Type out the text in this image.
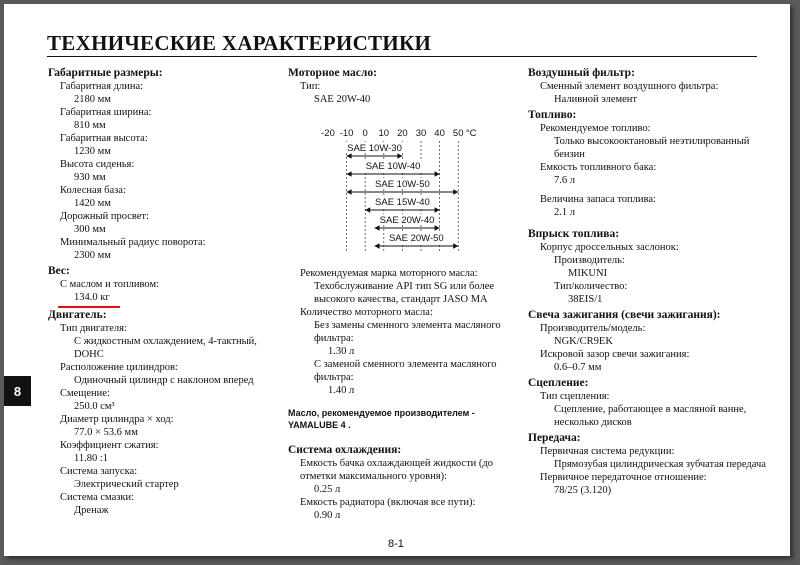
ТЕХНИЧЕСКИЕ ХАРАКТЕРИСТИКИ
Габаритные размеры:
Габаритная длина:
2180 мм
Габаритная ширина:
810 мм
Габаритная высота:
1230 мм
Высота сиденья:
930 мм
Колесная база:
1420 мм
Дорожный просвет:
300 мм
Минимальный радиус поворота:
2300 мм
Вес:
С маслом и топливом:
134.0 кг
Двигатель:
Тип двигателя:
С жидкостным охлаждением, 4-тактный, DOHC
Расположение цилиндров:
Одиночный цилиндр с наклоном вперед
Смещение:
250.0 см³
Диаметр цилиндра × ход:
77.0 × 53.6 мм
Коэффициент сжатия:
11.80 :1
Система запуска:
Электрический стартер
Система смазки:
Дренаж
Моторное масло:
Тип:
SAE 20W-40
-20 -10 0 10 20 30 40 50 °C
SAE 10W-30
SAE 10W-40
SAE 10W-50
SAE 15W-40
SAE 20W-40
SAE 20W-50
Рекомендуемая марка моторного масла:
Техобслуживание API тип SG или более высокого качества, стандарт JASO MA
Количество моторного масла:
Без замены сменного элемента масляного фильтра:
1.30 л
С заменой сменного элемента масляного фильтра:
1.40 л
Масло, рекомендуемое производителем - YAMALUBE 4 .
Система охлаждения:
Емкость бачка охлаждающей жидкости (до отметки максимального уровня):
0.25 л
Емкость радиатора (включая все пути):
0.90 л
Воздушный фильтр:
Сменный элемент воздушного фильтра:
Наливной элемент
Топливо:
Рекомендуемое топливо:
Только высокооктановый неэтилированный бензин
Емкость топливного бака:
7.6 л
Величина запаса топлива:
2.1 л
Впрыск топлива:
Корпус дроссельных заслонок:
Производитель:
MIKUNI
Тип/количество:
38EIS/1
Свеча зажигания (свечи зажигания):
Производитель/модель:
NGK/CR9EK
Искровой зазор свечи зажигания:
0.6–0.7 мм
Сцепление:
Тип сцепления:
Сцепление, работающее в масляной ванне, несколько дисков
Передача:
Первичная система редукции:
Прямозубая цилиндрическая зубчатая передача
Первичное передаточное отношение:
78/25 (3.120)
8
8-1
